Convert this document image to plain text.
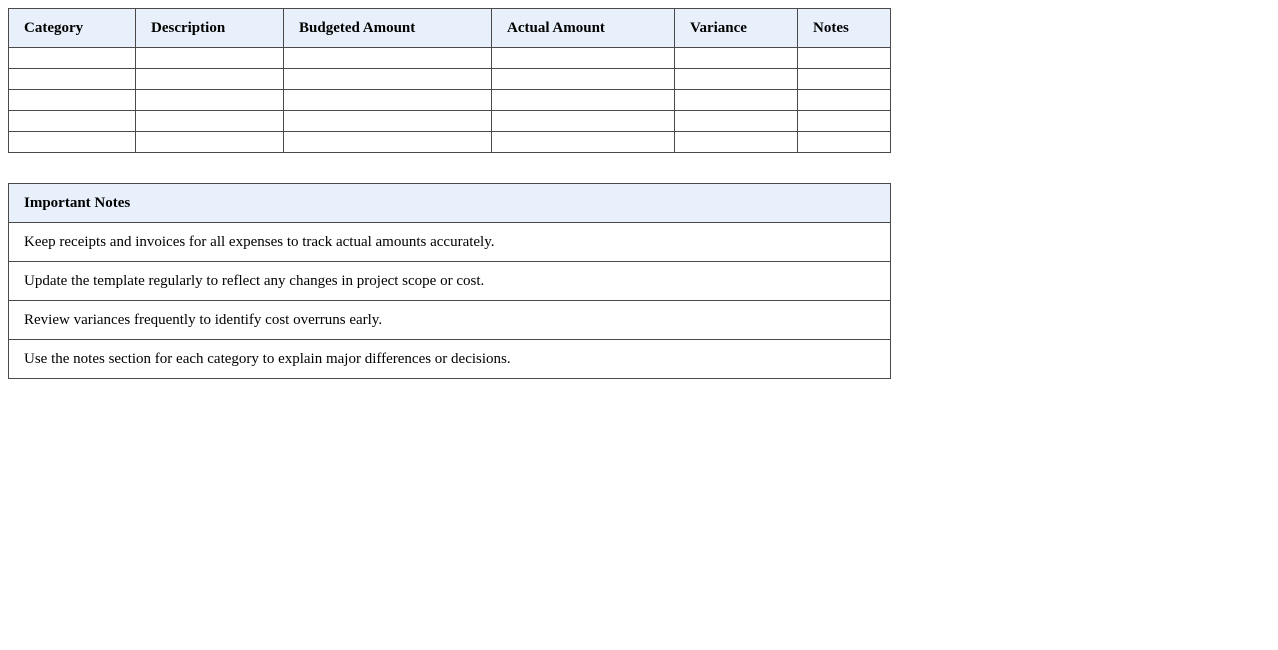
Category	Description	Budgeted Amount	Actual Amount	Variance	Notes

Important Notes
Keep receipts and invoices for all expenses to track actual amounts accurately.
Update the template regularly to reflect any changes in project scope or cost.
Review variances frequently to identify cost overruns early.
Use the notes section for each category to explain major differences or decisions.
